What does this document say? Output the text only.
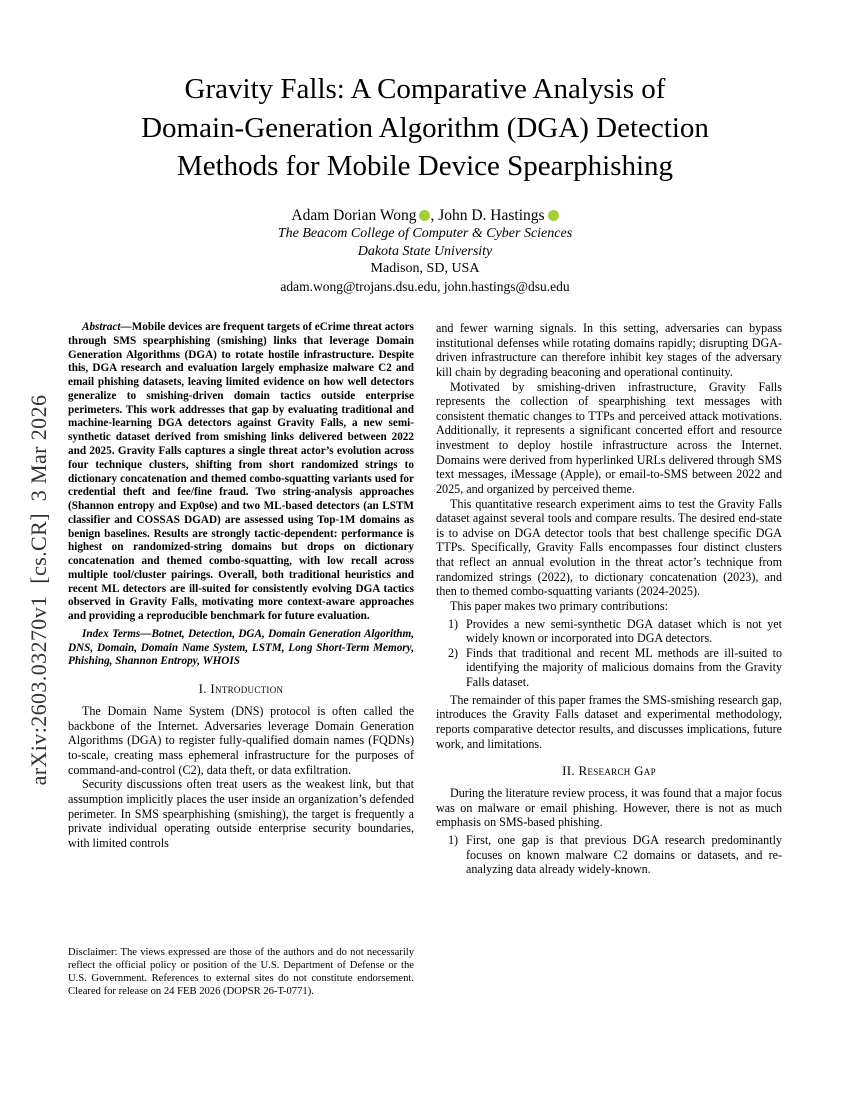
arXiv:2603.03270v1  [cs.CR]  3 Mar 2026
Gravity Falls: A Comparative Analysis of
Domain-Generation Algorithm (DGA) Detection
Methods for Mobile Device Spearphishing
Adam Dorian Wong , John D. Hastings
The Beacom College of Computer & Cyber Sciences
Dakota State University
Madison, SD, USA
adam.wong@trojans.dsu.edu, john.hastings@dsu.edu

Abstract—Mobile devices are frequent targets of eCrime threat actors through SMS spearphishing (smishing) links that leverage Domain Generation Algorithms (DGA) to rotate hostile infrastructure. Despite this, DGA research and evaluation largely emphasize malware C2 and email phishing datasets, leaving limited evidence on how well detectors generalize to smishing-driven domain tactics outside enterprise perimeters. This work addresses that gap by evaluating traditional and machine-learning DGA detectors against Gravity Falls, a new semi-synthetic dataset derived from smishing links delivered between 2022 and 2025. Gravity Falls captures a single threat actor’s evolution across four technique clusters, shifting from short randomized strings to dictionary concatenation and themed combo-squatting variants used for credential theft and fee/fine fraud. Two string-analysis approaches (Shannon entropy and Exp0se) and two ML-based detectors (an LSTM classifier and COSSAS DGAD) are assessed using Top-1M domains as benign baselines. Results are strongly tactic-dependent: performance is highest on randomized-string domains but drops on dictionary concatenation and themed combo-squatting, with low recall across multiple tool/cluster pairings. Overall, both traditional heuristics and recent ML detectors are ill-suited for consistently evolving DGA tactics observed in Gravity Falls, motivating more context-aware approaches and providing a reproducible benchmark for future evaluation.

Index Terms—Botnet, Detection, DGA, Domain Generation Algorithm, DNS, Domain, Domain Name System, LSTM, Long Short-Term Memory, Phishing, Shannon Entropy, WHOIS

I. Introduction

The Domain Name System (DNS) protocol is often called the backbone of the Internet. Adversaries leverage Domain Generation Algorithms (DGA) to register fully-qualified domain names (FQDNs) to-scale, creating mass ephemeral infrastructure for the purposes of command-and-control (C2), data theft, or data exfiltration.

Security discussions often treat users as the weakest link, but that assumption implicitly places the user inside an organization’s defended perimeter. In SMS spearphishing (smishing), the target is frequently a private individual operating outside enterprise security boundaries, with limited controls

Disclaimer: The views expressed are those of the authors and do not necessarily reflect the official policy or position of the U.S. Department of Defense or the U.S. Government. References to external sites do not constitute endorsement. Cleared for release on 24 FEB 2026 (DOPSR 26-T-0771).

and fewer warning signals. In this setting, adversaries can bypass institutional defenses while rotating domains rapidly; disrupting DGA-driven infrastructure can therefore inhibit key stages of the adversary kill chain by degrading beaconing and operational continuity.

Motivated by smishing-driven infrastructure, Gravity Falls represents the collection of spearphishing text messages with consistent thematic changes to TTPs and perceived attack motivations. Additionally, it represents a significant concerted effort and resource investment to deploy hostile infrastructure across the Internet. Domains were derived from hyperlinked URLs delivered through SMS text messages, iMessage (Apple), or email-to-SMS between 2022 and 2025, and organized by perceived theme.

This quantitative research experiment aims to test the Gravity Falls dataset against several tools and compare results. The desired end-state is to advise on DGA detector tools that best challenge specific DGA TTPs. Specifically, Gravity Falls encompasses four distinct clusters that reflect an annual evolution in the threat actor’s technique from randomized strings (2022), to dictionary concatenation (2023), and then to themed combo-squatting variants (2024-2025).

This paper makes two primary contributions:

1) Provides a new semi-synthetic DGA dataset which is not yet widely known or incorporated into DGA detectors.
2) Finds that traditional and recent ML methods are ill-suited to identifying the majority of malicious domains from the Gravity Falls dataset.

The remainder of this paper frames the SMS-smishing research gap, introduces the Gravity Falls dataset and experimental methodology, reports comparative detector results, and discusses implications, future work, and limitations.

II. Research Gap

During the literature review process, it was found that a major focus was on malware or email phishing. However, there is not as much emphasis on SMS-based phishing.

1) First, one gap is that previous DGA research predominantly focuses on known malware C2 domains or datasets, and re-analyzing data already widely-known.
